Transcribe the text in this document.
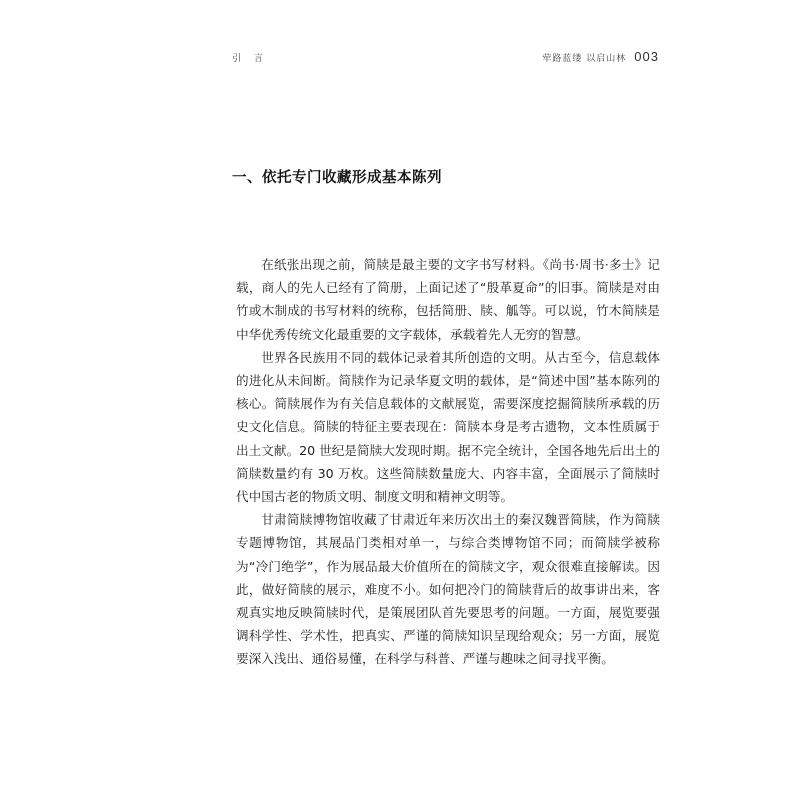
引 言	荦路蓝缕 以启山林 003
一、依托专门收藏形成基本陈列

在纸张出现之前，简牍是最主要的文字书写材料。《尚书·周书·多士》记载，商人的先人已经有了简册，上面记述了“殷革夏命”的旧事。简牍是对由竹或木制成的书写材料的统称，包括简册、牍、觚等。可以说，竹木简牍是中华优秀传统文化最重要的文字载体，承载着先人无穷的智慧。

世界各民族用不同的载体记录着其所创造的文明。从古至今，信息载体的进化从未间断。简牍作为记录华夏文明的载体，是“简述中国”基本陈列的核心。简牍展作为有关信息载体的文献展览，需要深度挖掘简牍所承载的历史文化信息。简牍的特征主要表现在：简牍本身是考古遗物，文本性质属于出土文献。20 世纪是简牍大发现时期。据不完全统计，全国各地先后出土的简牍数量约有 30 万枚。这些简牍数量庞大、内容丰富，全面展示了简牍时代中国古老的物质文明、制度文明和精神文明等。

甘肃简牍博物馆收藏了甘肃近年来历次出土的秦汉魏晋简牍，作为简牍专题博物馆，其展品门类相对单一，与综合类博物馆不同；而简牍学被称为“冷门绝学”，作为展品最大价值所在的简牍文字，观众很难直接解读。因此，做好简牍的展示，难度不小。如何把冷门的简牍背后的故事讲出来，客观真实地反映简牍时代，是策展团队首先要思考的问题。一方面，展览要强调科学性、学术性，把真实、严谨的简牍知识呈现给观众；另一方面，展览要深入浅出、通俗易懂，在科学与科普、严谨与趣味之间寻找平衡。
